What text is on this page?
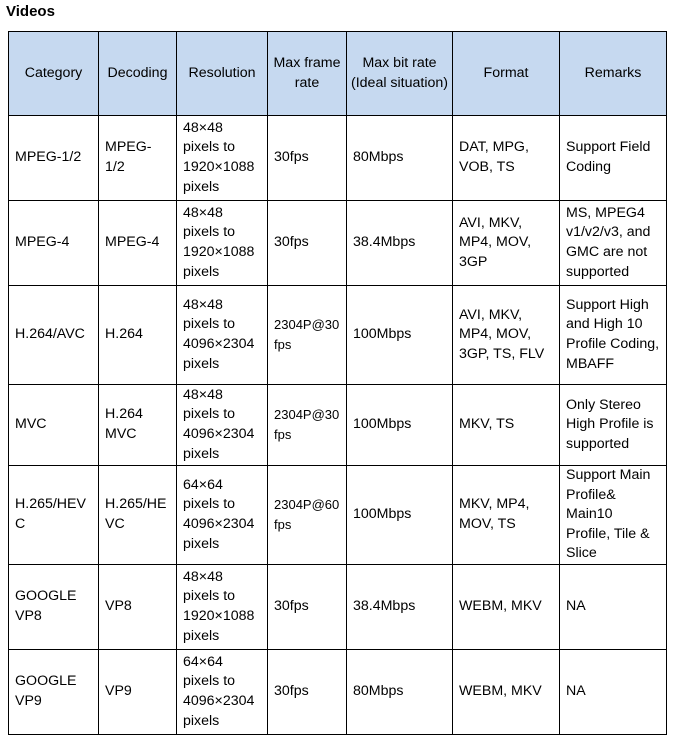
Videos
Category	Decoding	Resolution	Max frame rate	Max bit rate (Ideal situation)	Format	Remarks
MPEG-1/2	MPEG-1/2	48×48 pixels to 1920×1088 pixels	30fps	80Mbps	DAT, MPG, VOB, TS	Support Field Coding
MPEG-4	MPEG-4	48×48 pixels to 1920×1088 pixels	30fps	38.4Mbps	AVI, MKV, MP4, MOV, 3GP	MS, MPEG4 v1/v2/v3, and GMC are not supported
H.264/AVC	H.264	48×48 pixels to 4096×2304 pixels	2304P@30fps	100Mbps	AVI, MKV, MP4, MOV, 3GP, TS, FLV	Support High and High 10 Profile Coding, MBAFF
MVC	H.264 MVC	48×48 pixels to 4096×2304 pixels	2304P@30fps	100Mbps	MKV, TS	Only Stereo High Profile is supported
H.265/HEVC	H.265/HEVC	64×64 pixels to 4096×2304 pixels	2304P@60fps	100Mbps	MKV, MP4, MOV, TS	Support Main Profile& Main10 Profile, Tile & Slice
GOOGLE VP8	VP8	48×48 pixels to 1920×1088 pixels	30fps	38.4Mbps	WEBM, MKV	NA
GOOGLE VP9	VP9	64×64 pixels to 4096×2304 pixels	30fps	80Mbps	WEBM, MKV	NA
